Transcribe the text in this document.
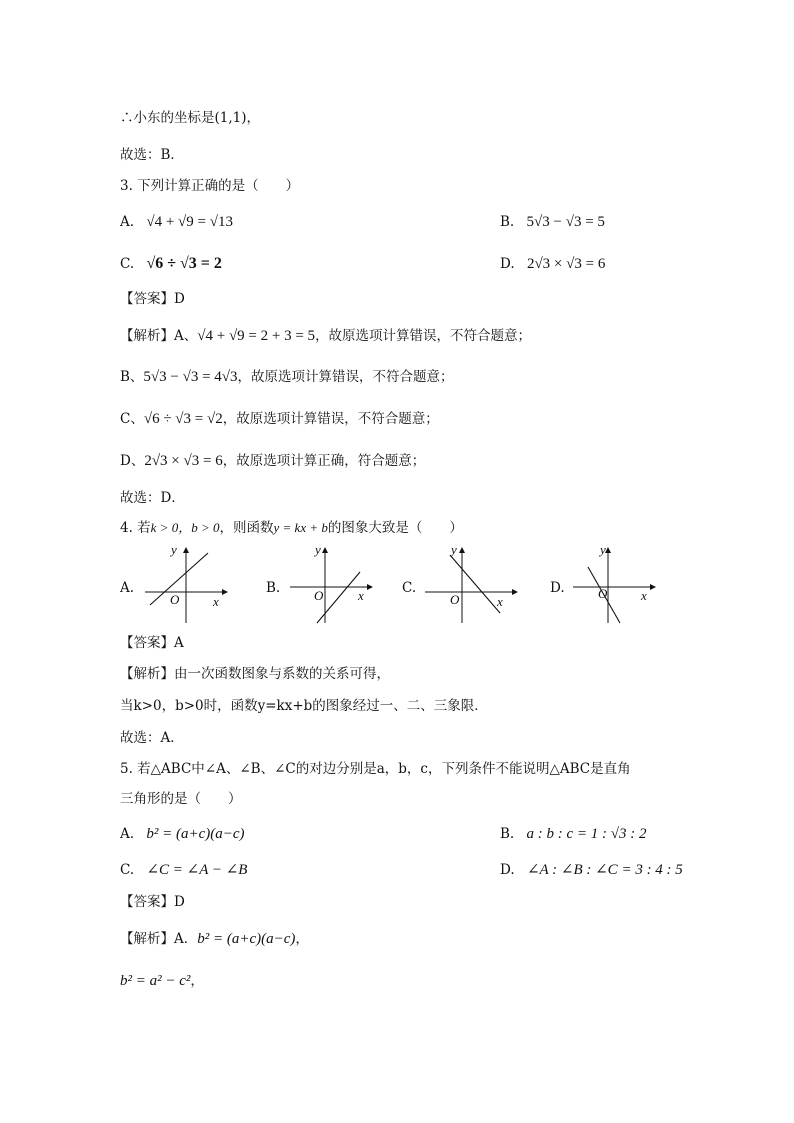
∴小东的坐标是(1,1)，
故选：B．
3. 下列计算正确的是（　　）
A. √4 + √9 = √13	B. 5√3 − √3 = 5
C. √6 ÷ √3 = 2	D. 2√3 × √3 = 6
【答案】D
【解析】A、√4 + √9 = 2 + 3 = 5，故原选项计算错误，不符合题意；
B、5√3 − √3 = 4√3，故原选项计算错误，不符合题意；
C、√6 ÷ √3 = √2，故原选项计算错误，不符合题意；
D、2√3 × √3 = 6，故原选项计算正确，符合题意；
故选：D．
4. 若k > 0，b > 0，则函数y = kx + b的图象大致是（　　）
A.
y
x
O
B.
y
x
O	C.
y
x
O
D.
y
x
O
【答案】A
【解析】由一次函数图象与系数的关系可得，
当k>0，b>0时，函数y=kx+b的图象经过一、二、三象限．
故选：A．
5. 若△ABC中∠A、∠B、∠C的对边分别是a，b，c，下列条件不能说明△ABC是直角
三角形的是（　　）
A. b² = (a+c)(a−c)	B. a : b : c = 1 : √3 : 2
C. ∠C = ∠A − ∠B	D. ∠A : ∠B : ∠C = 3 : 4 : 5
【答案】D
【解析】A．b² = (a+c)(a−c)，
b² = a² − c²，
